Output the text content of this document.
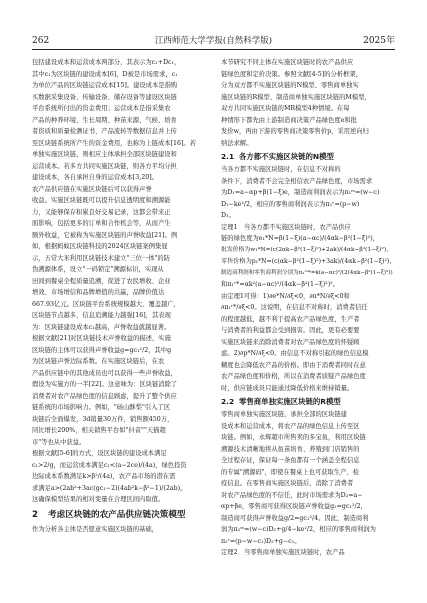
262	江西师范大学学报(自然科学版)	2025年

包括建设成本和运营成本两部分，其表示为c₁+Dc₁，

其中c₁为区块链的建设成本[6]，D被是市场需求，c₁

为单位产品的区块链运营成本[15]。建设成本是指购

买数据采集设备、传输设备、储存设备等建设区块链

平台系统所付出的资金费用；运营成本是指采集农

产品的种养环境、生长周期、种苗来源、气候、培育

者资质和质量检测证书、产品流转等数据信息并上传

至区块链系统所产生的资金费用，也称为上链成本[16]。若

单独实施区块链，则相应主体承担全部区块链建设和

运营成本。若多方共同实施区块链，则各方平均分担

建设成本，各自承担自身的运营成本[3,20]。

农产品供应链在实施区块链后可以获得声誉

收益。实施区块链既可以提升信息透明度和溯源能

力，又能够保存积累良好交易记录，这都会带来正

面影响，包括更多的订单和合作机会等，从而产生

额外收益，它被称为实施区块链的声誉收益[21]。例

如，根据蚂蚁区块链科技的2024区块链案例集显

示，五常大米利用区块链技术建立"三位一体"的防

伪溯源体系，设立"一码锁定"溯源标识，实现从

田间到餐桌全程质量追溯，促进了农民增收、企业

增效、市场增信和品牌增值的共赢，品牌价值达

667.93亿元。区块链平台系统规模越大、覆盖越广，

区块链节点越多，信息追溯能力越强[16]，其表现

为：区块链建设成本c₁越高，声誉收益就越显著。

根据文献[21]对区块链技术声誉收益的描述，实施

区块链的主体可以获得声誉收益g=gc₁²/2，其中g

为区块链声誉边际系数。在实施区块链后，在农

产品供应链中的其他成员也可以获得一些声誉收益，

假设为实施方的一半[22]。这意味为：区块链消除了

消费者对农产品绿色度的信息顾虑，提升了整个供应

链系统的市场影响力。例如，"砀山酥梨"引入了区

块链后全面爆发，3d销量30万件，销售额450万，

同比增长200%，相关销售平台如"抖音""天猫超

市"等也从中获益。

根据文献[5-6]的方式，设区块链的建设成本满足

c₁>2/g，而运营成本满足c₁<(a−2ce)/(4a)，绿色投资

边际成本系数满足k>β²/(4a)，农产品市场的潜在需

求满足a>(2ab²+3ac(gc₁−2)(4ab²k−β²−1)/(2ab)。

这确保模型结果的相对变量在合理区间内取值。

2 考虑区块链的农产品供应链决策模型

作为分析各主体是否愿意实施区块链的基础，

本节研究不同主体在实施区块链时的农产品供应

链绿色度和定价决策。参照文献[4-5]的分析框架，

分为双方都不实施区块链的N模型、零售商单独实

施区块链的R模型、制造商单独实施区块链的M模型，

双方共同实施区块链的MR模型4种情境。在每

种情形下都先由上游制造商决策产品绿色度e和批

发价w，再由下游的零售商决策零售价p，采用逆向归

纳法求解。

2.1 各方都不实施区块链的N模型

当各方都不实施区块链时，在信息不对称的

条件下，消费者不会完全相信农产品绿色度，市场需求

为D₁=a−αp+β(1−ξ)e，制造商利润表示为π₁ᵐ=(w−c)

D₁−ke²/2，相应的零售商利润表示为π₁ʳ=(p−w)

D₁。

定理1　当各方都不实施区块链时，农产品供应

链的绿色度为e₁*N=β(1−ξ)(a−αc)/(4αk−β²(1−ξ)²)，

批发价格为w₁*N=(c(2αk−β²(1−ξ)²)+2ak)/(4αk−β²(1−ξ)²)，

零售价格为p₁*N=(c(αk−β²(1−ξ)²)+3ak)/(4αk−β²(1−ξ)²)，

制造商利润和零售商利润分别为π₁ᵐ*=k(a−αc)²/(2(4αk−β²(1−ξ)²))

和π₁ʳ*=αk²(a−αc)²/(4αk−β²(1−ξ)²)²。

由定理1可得：1)∂e*N/∂ξ<0，∂π*N/∂ξ<0和

∂π₁ʳ*/∂ξ<0。这说明，在信息不对称时，消费者信任

的程度越低，越不利于提高农产品绿色度，生产者

与消费者的利益都会受到损害。因此，更有必要要

实施区块链来消除消费者对农产品绿色度的怀疑顾

虑。2)∂p*N/∂ξ<0。由信息不对称引起的绿色信息模

糊度也会降低农产品的价格。即由于消费者同时在意

农产品绿色度和价格，所以在消费者质疑产品绿色度

时，供应链成员只能通过降低价格来维持销量。

2.2 零售商单独实施区块链的R模型

零售商单独实施区块链，承担全部的区块链建

设成本和运营成本，将农产品的绿色信息上传至区

块链。例如，永辉超市所售卖的多宝鱼，利用区块链

溯源技术清晰地将从鱼苗培育、养殖到门店销售的

全过程存证，保证每一条鱼都有一个涵盖全程信息

的专属"溯源码"，即使在餐桌上也可获取生产、检

疫信息。在零售商实施区块链后，消除了消费者

对农产品绿色度的不信任，此时市场需求为D₂=a−

αp+βe，零售商可获得区块链声誉收益g₂=gc₁²/2，

制造商可获得声誉收益g/2=gc₁²/4。因此，制造商利

润为π₂ᵐ=(w−c)D₂+g/4−ke²/2，相应的零售商利润为

π₂ʳ=(p−w−c₁)D₂+g−c₁。

定理2　当零售商单独实施区块链时，农产品
